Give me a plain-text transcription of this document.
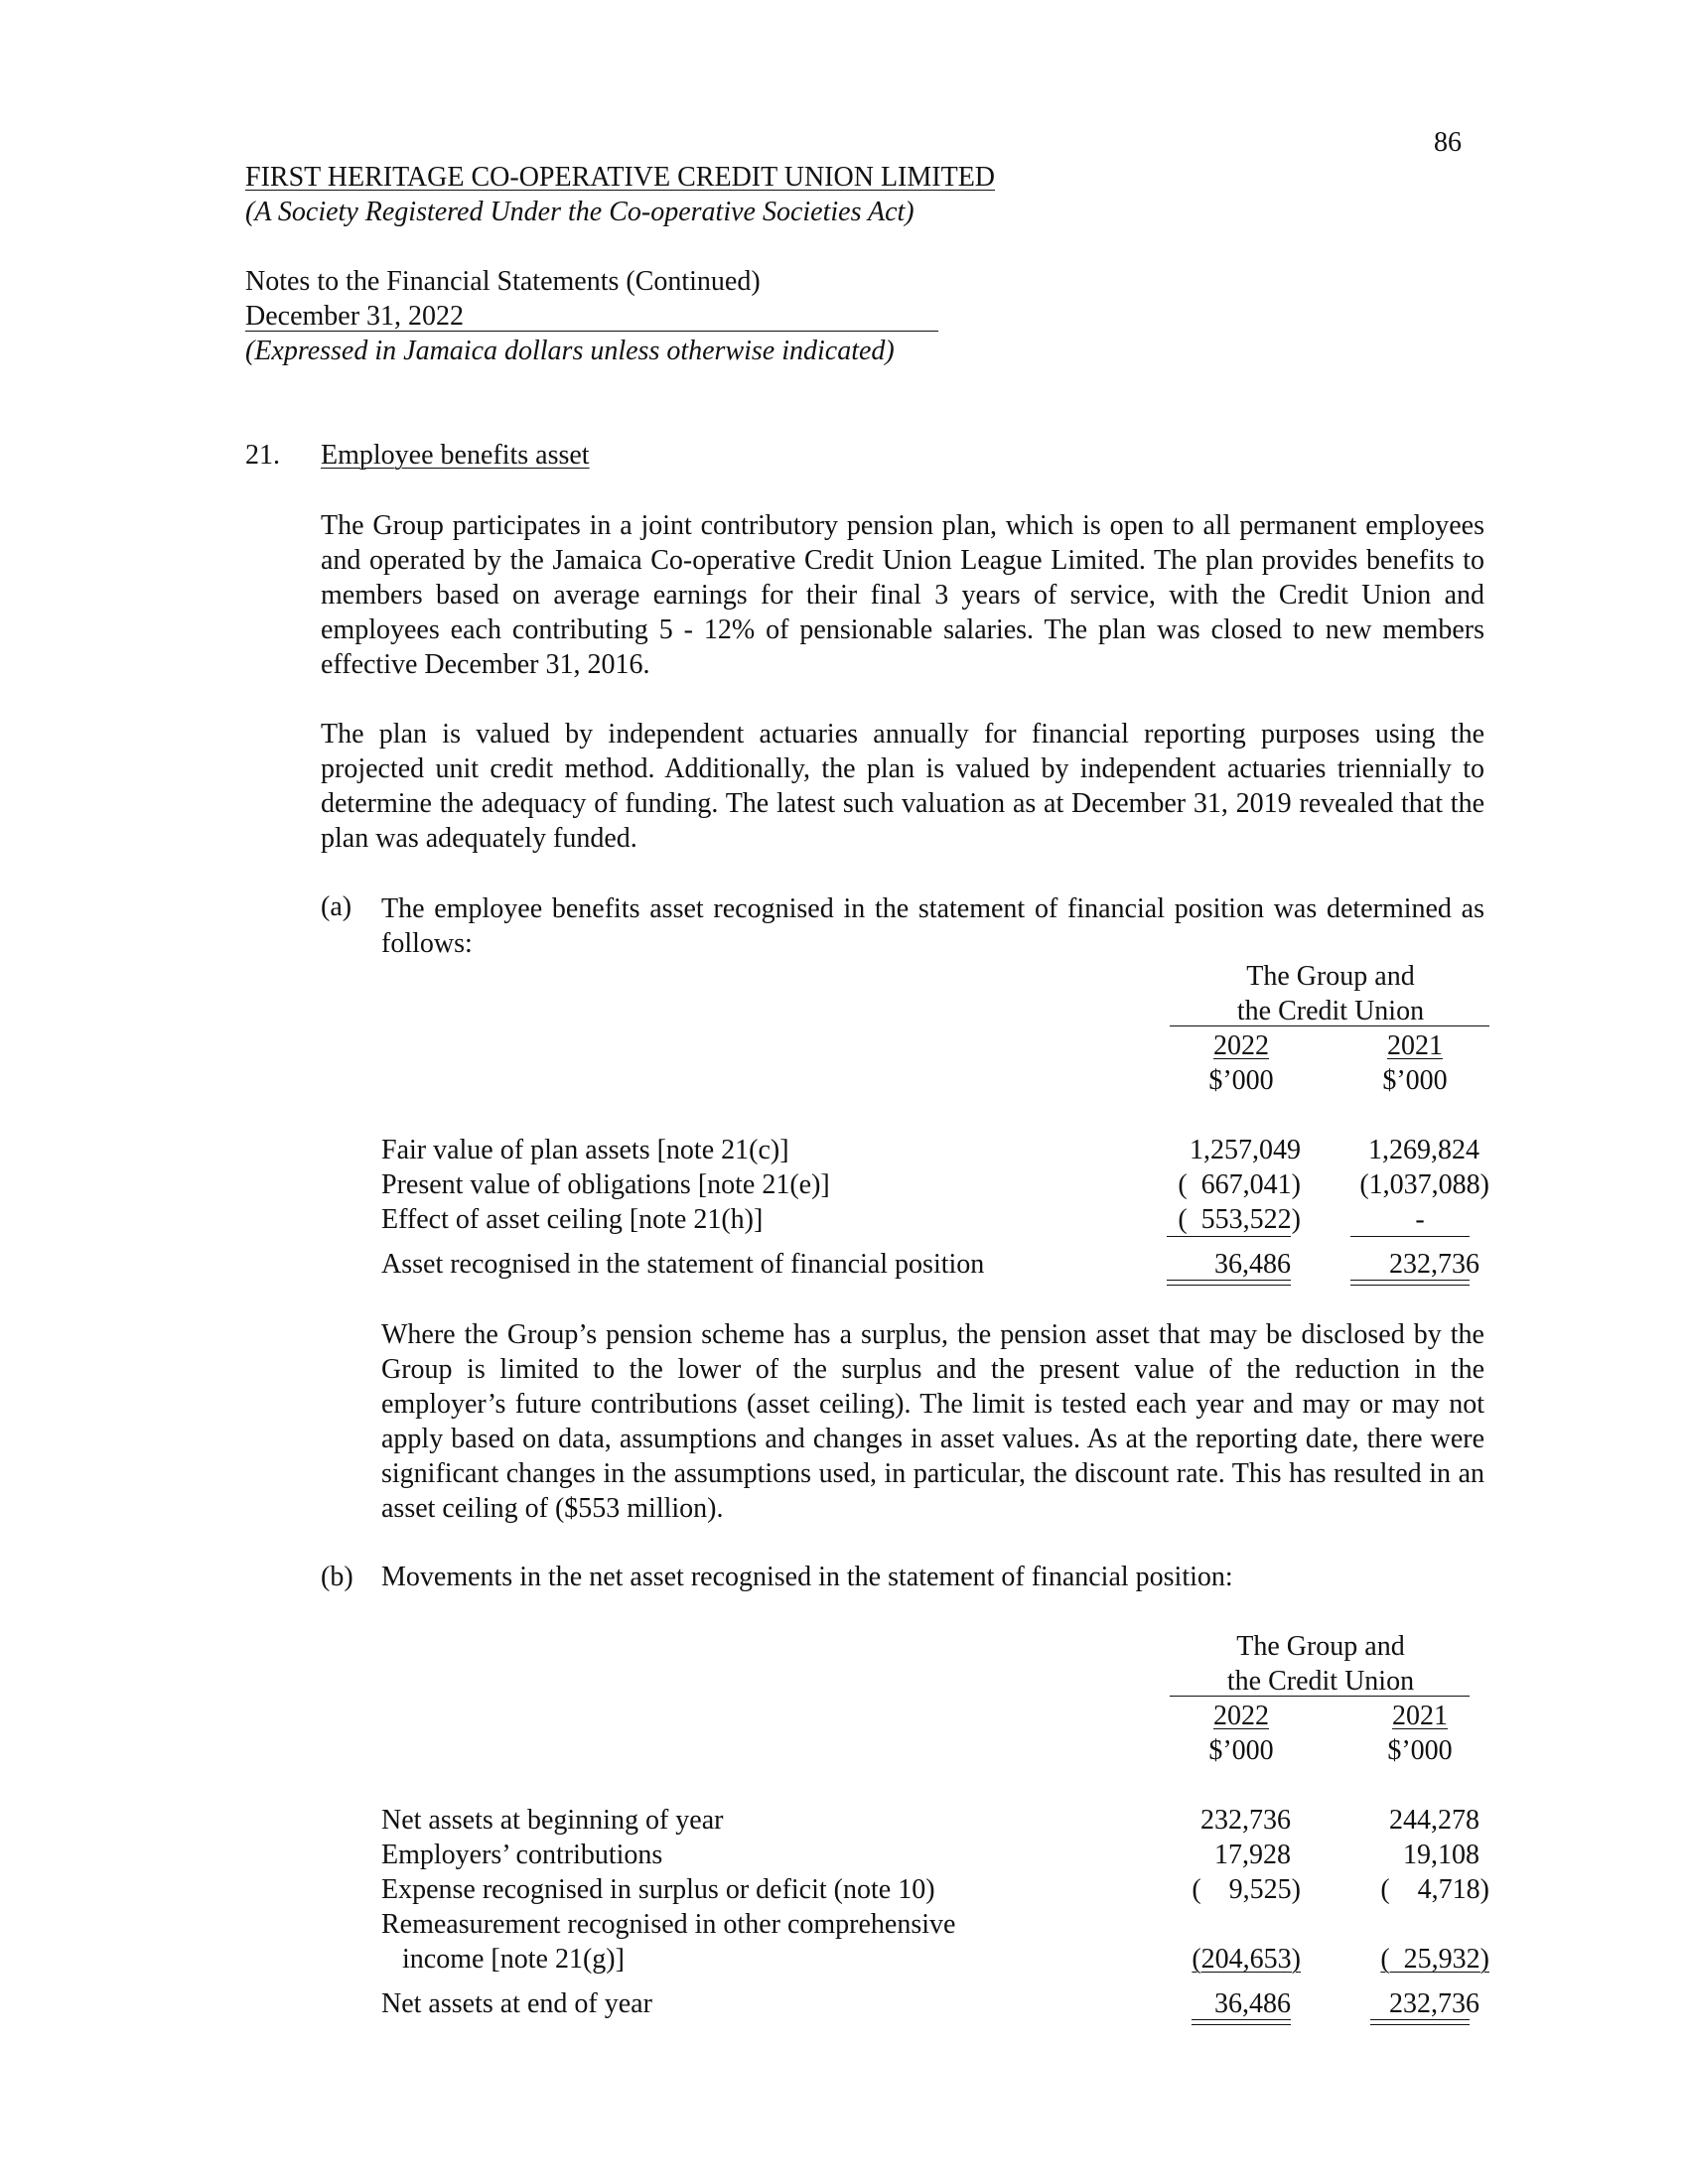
86
FIRST HERITAGE CO-OPERATIVE CREDIT UNION LIMITED
(A Society Registered Under the Co-operative Societies Act)
Notes to the Financial Statements (Continued)
December 31, 2022
(Expressed in Jamaica dollars unless otherwise indicated)
21. Employee benefits asset
The Group participates in a joint contributory pension plan, which is open to all permanent employees and operated by the Jamaica Co-operative Credit Union League Limited. The plan provides benefits to members based on average earnings for their final 3 years of service, with the Credit Union and employees each contributing 5 - 12% of pensionable salaries. The plan was closed to new members effective December 31, 2016.
The plan is valued by independent actuaries annually for financial reporting purposes using the projected unit credit method. Additionally, the plan is valued by independent actuaries triennially to determine the adequacy of funding. The latest such valuation as at December 31, 2019 revealed that the plan was adequately funded.
(a) The employee benefits asset recognised in the statement of financial position was determined as follows:
The Group and
the Credit Union
2022	2021
$’000	$’000
Fair value of plan assets [note 21(c)]	1,257,049	1,269,824
Present value of obligations [note 21(e)]	(  667,041)	(1,037,088)
Effect of asset ceiling [note 21(h)]	(  553,522)	-
Asset recognised in the statement of financial position	36,486	232,736
Where the Group’s pension scheme has a surplus, the pension asset that may be disclosed by the Group is limited to the lower of the surplus and the present value of the reduction in the employer’s future contributions (asset ceiling). The limit is tested each year and may or may not apply based on data, assumptions and changes in asset values. As at the reporting date, there were significant changes in the assumptions used, in particular, the discount rate. This has resulted in an asset ceiling of ($553 million).
(b) Movements in the net asset recognised in the statement of financial position:
The Group and
the Credit Union
2022	2021
$’000	$’000
Net assets at beginning of year	232,736	244,278
Employers’ contributions	17,928	19,108
Expense recognised in surplus or deficit (note 10)	(    9,525)	(    4,718)
Remeasurement recognised in other comprehensive
income [note 21(g)]	(204,653)	(  25,932)
Net assets at end of year	36,486	232,736
